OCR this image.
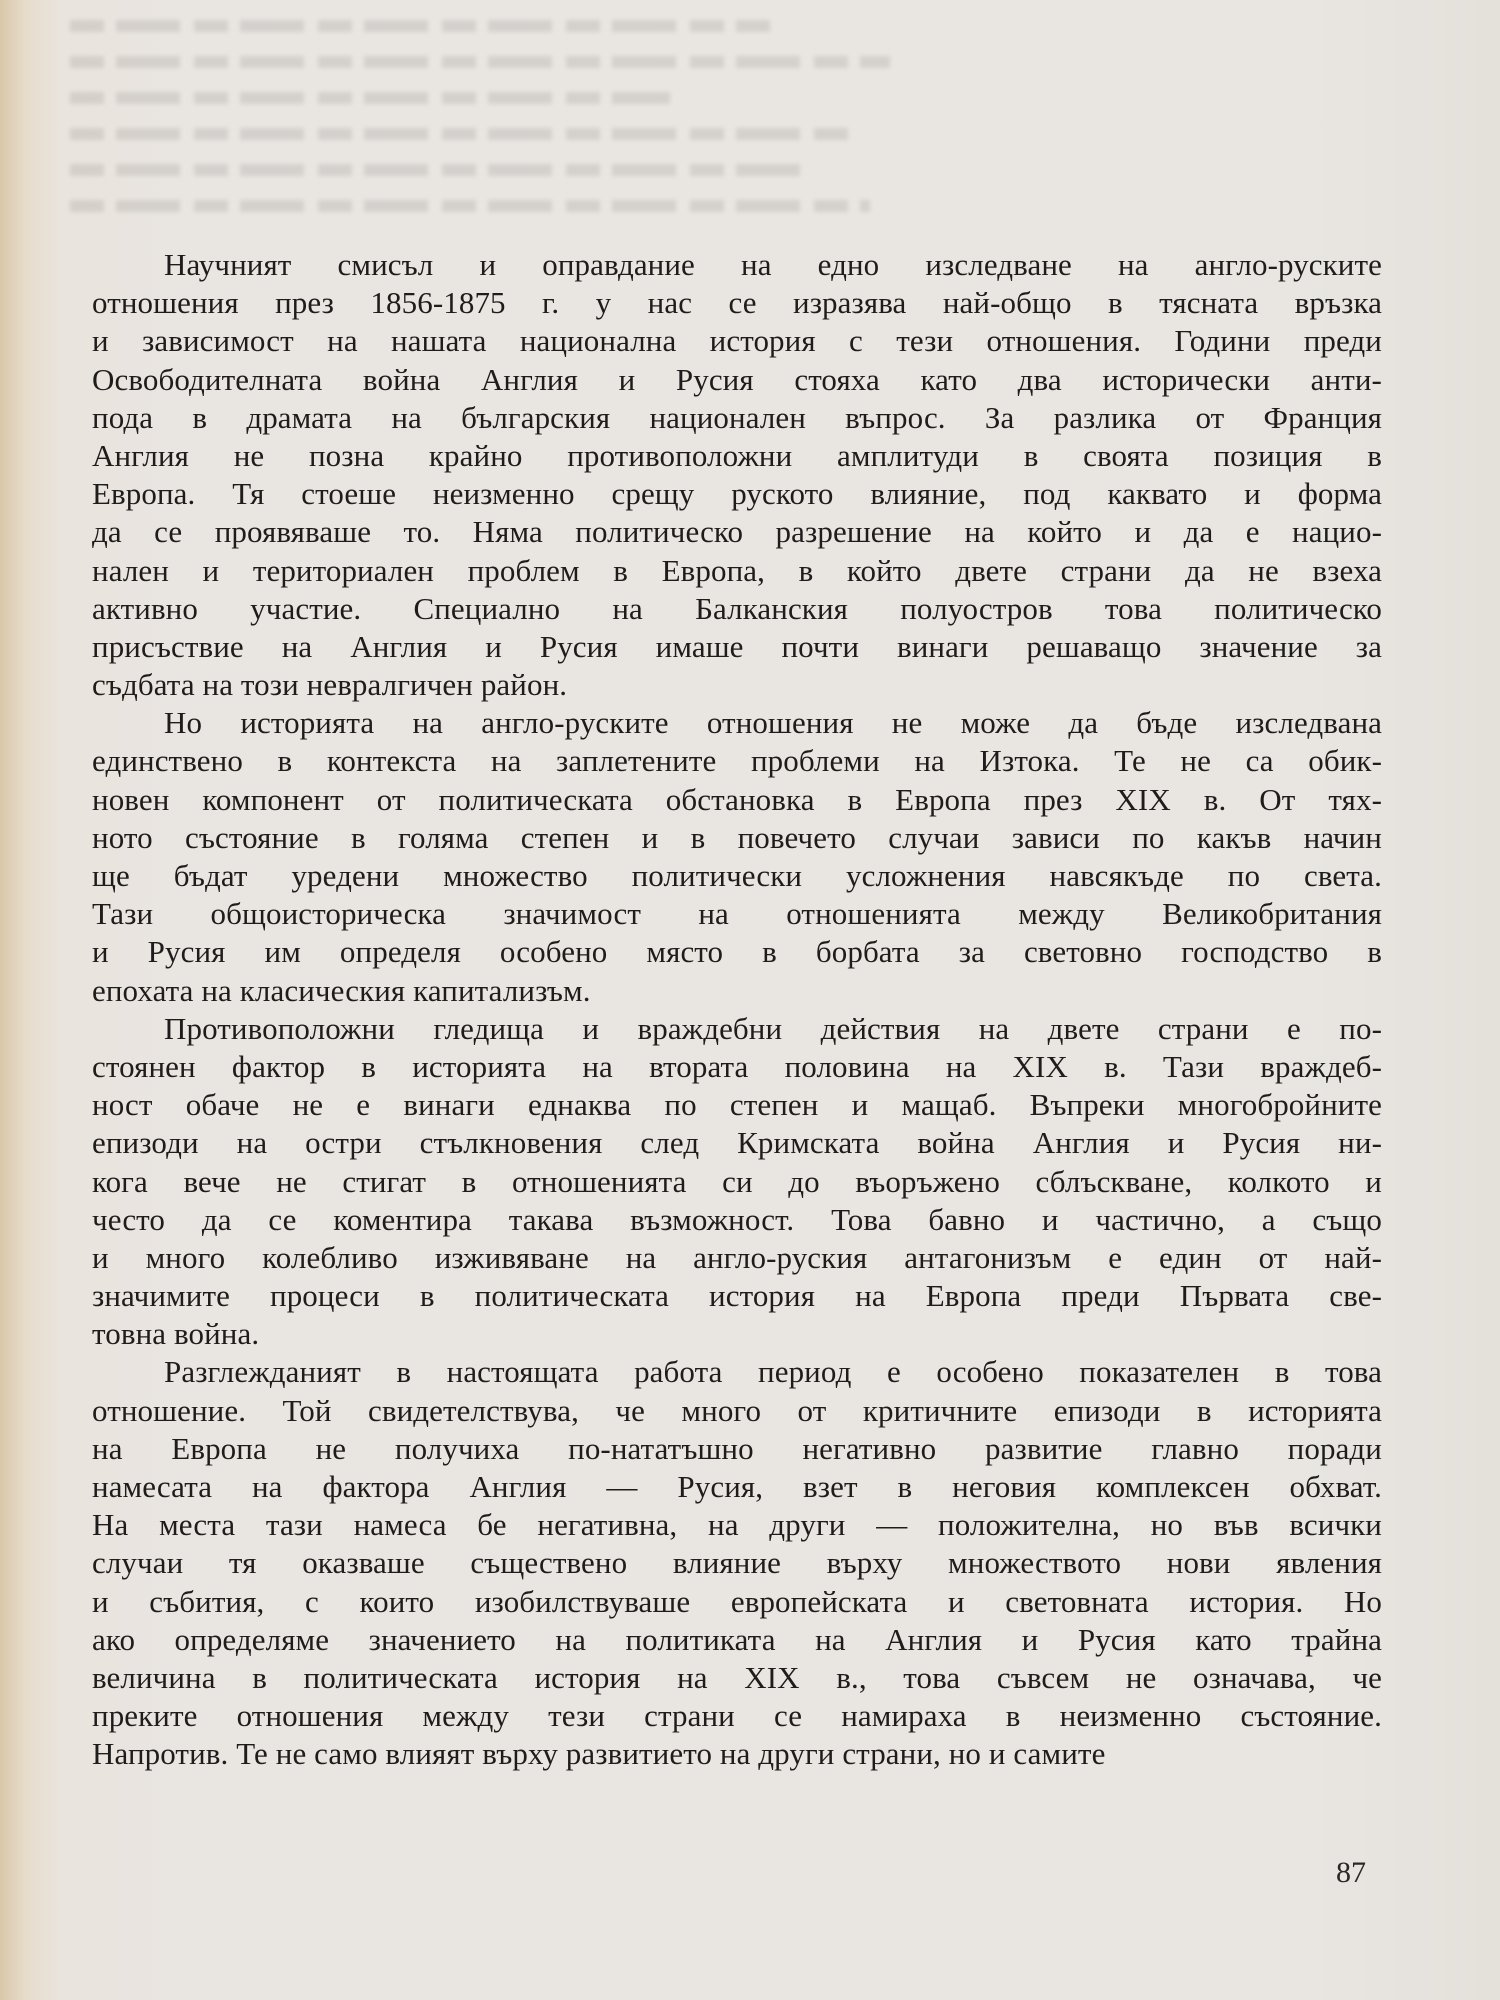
Научният смисъл и оправдание на едно изследване на англо-руските
отношения през 1856-1875 г. у нас се изразява най-общо в тясната връзка
и зависимост на нашата национална история с тези отношения. Години преди
Освободителната война Англия и Русия стояха като два исторически анти-
пода в драмата на българския национален въпрос. За разлика от Франция
Англия не позна крайно противоположни амплитуди в своята позиция в
Европа. Тя стоеше неизменно срещу руското влияние, под каквато и форма
да се проявяваше то. Няма политическо разрешение на който и да е нацио-
нален и териториален проблем в Европа, в който двете страни да не взеха
активно участие. Специално на Балканския полуостров това политическо
присъствие на Англия и Русия имаше почти винаги решаващо значение за
съдбата на този невралгичен район.
Но историята на англо-руските отношения не може да бъде изследвана
единствено в контекста на заплетените проблеми на Изтока. Те не са обик-
новен компонент от политическата обстановка в Европа през XIX в. От тях-
ното състояние в голяма степен и в повечето случаи зависи по какъв начин
ще бъдат уредени множество политически усложнения навсякъде по света.
Тази общоисторическа значимост на отношенията между Великобритания
и Русия им определя особено място в борбата за световно господство в
епохата на класическия капитализъм.
Противоположни гледища и враждебни действия на двете страни е по-
стоянен фактор в историята на втората половина на XIX в. Тази враждеб-
ност обаче не е винаги еднаква по степен и мащаб. Въпреки многобройните
епизоди на остри стълкновения след Кримската война Англия и Русия ни-
кога вече не стигат в отношенията си до въоръжено сблъскване, колкото и
често да се коментира такава възможност. Това бавно и частично, а също
и много колебливо изживяване на англо-руския антагонизъм е един от най-
значимите процеси в политическата история на Европа преди Първата све-
товна война.
Разглежданият в настоящата работа период е особено показателен в това
отношение. Той свидетелствува, че много от критичните епизоди в историята
на Европа не получиха по-нататъшно негативно развитие главно поради
намесата на фактора Англия — Русия, взет в неговия комплексен обхват.
На места тази намеса бе негативна, на други — положителна, но във всички
случаи тя оказваше съществено влияние върху множеството нови явления
и събития, с които изобилствуваше европейската и световната история. Но
ако определяме значението на политиката на Англия и Русия като трайна
величина в политическата история на XIX в., това съвсем не означава, че
преките отношения между тези страни се намираха в неизменно състояние.
Напротив. Те не само влияят върху развитието на други страни, но и самите
87
